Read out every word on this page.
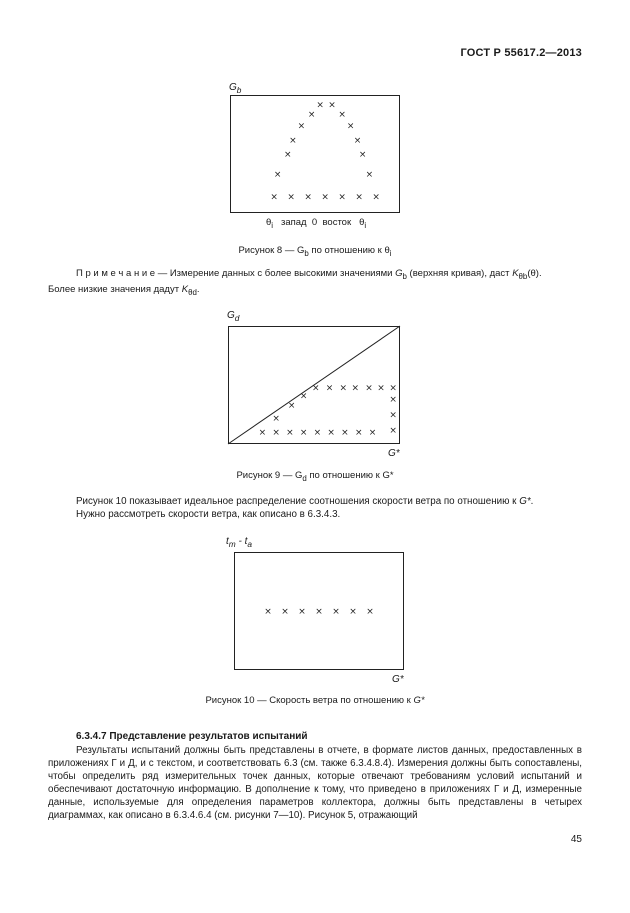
ГОСТ Р 55617.2—2013
$G_b$
× × × × × × ×
×
×
×
×
×
× ×
×
×
×
×
×
$\theta_i$ запад 0 восток $\theta_i$
Рисунок 8 — $G_b$ по отношению к $\theta_i$

П р и м е ч а н и е — Измерение данных с более высокими значениями $G_b$ (верхняя кривая), даст $K_{\theta b}(\theta)$.

Более низкие значения дадут $K_{\theta d}$.

$G_d$
× × × × × × × × ×
×
×
×
× × × × × × ×
×
×
×
G*
Рисунок 9 — $G_d$ по отношению к G*

Рисунок 10 показывает идеальное распределение соотношения скорости ветра по отношению к G*.

Нужно рассмотреть скорости ветра, как описано в 6.3.4.3.

$t_m - t_a$
× × × × × × ×
G*
Рисунок 10 — Скорость ветра по отношению к G*
6.3.4.7 Представление результатов испытаний

Результаты испытаний должны быть представлены в отчете, в формате листов данных, предоставленных в приложениях Г и Д, и с текстом, и соответствовать 6.3 (см. также 6.3.4.8.4). Измерения должны быть сопоставлены, чтобы определить ряд измерительных точек данных, которые отвечают требованиям условий испытаний и обеспечивают достаточную информацию. В дополнение к тому, что приведено в приложениях Г и Д, измеренные данные, используемые для определения параметров коллектора, должны быть представлены в четырех диаграммах, как описано в 6.3.4.6.4 (см. рисунки 7—10). Рисунок 5, отражающий

45
